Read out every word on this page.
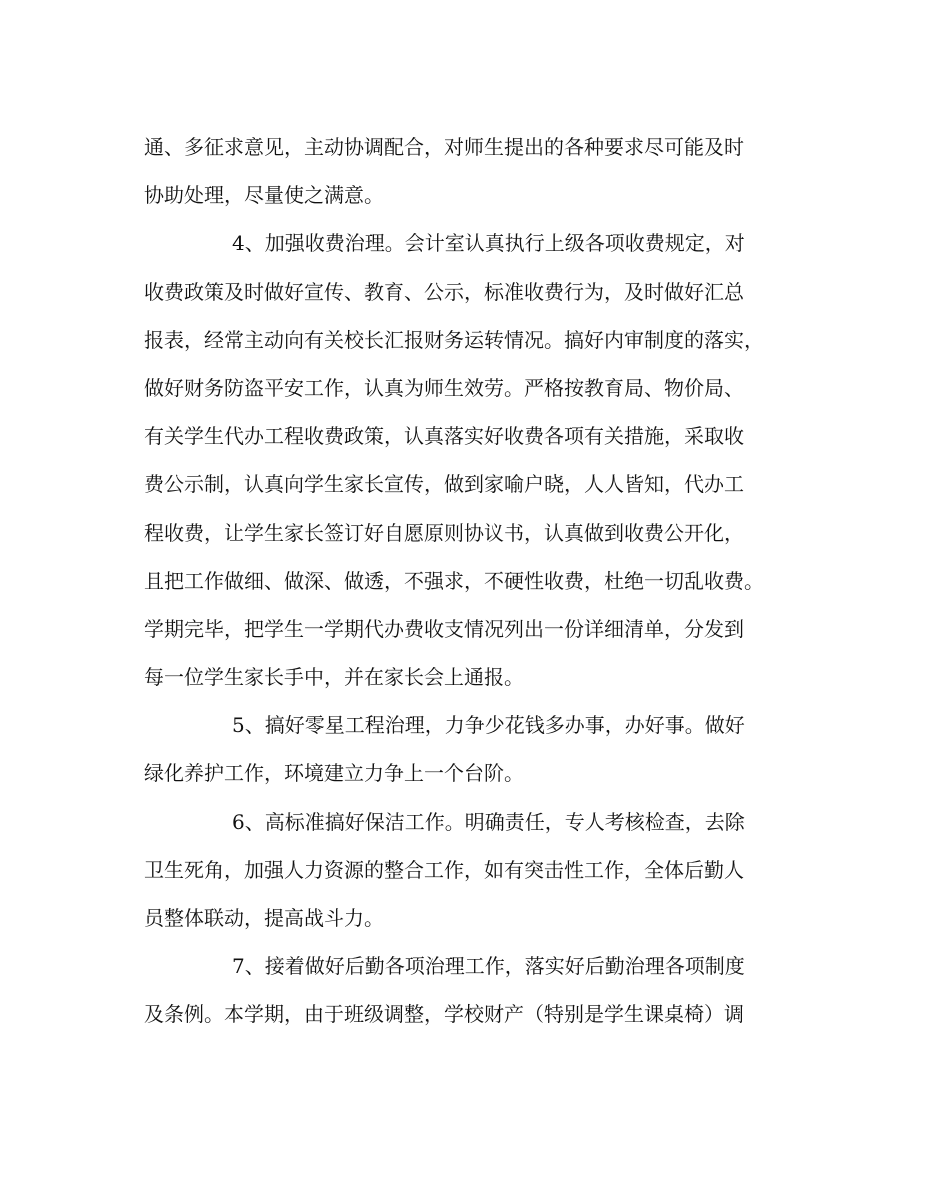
通、多征求意见，主动协调配合，对师生提出的各种要求尽可能及时
协助处理，尽量使之满意。
4、加强收费治理。会计室认真执行上级各项收费规定，对
收费政策及时做好宣传、教育、公示，标准收费行为，及时做好汇总
报表，经常主动向有关校长汇报财务运转情况。搞好内审制度的落实，
做好财务防盗平安工作，认真为师生效劳。严格按教育局、物价局、
有关学生代办工程收费政策，认真落实好收费各项有关措施，采取收
费公示制，认真向学生家长宣传，做到家喻户晓，人人皆知，代办工
程收费，让学生家长签订好自愿原则协议书，认真做到收费公开化，
且把工作做细、做深、做透，不强求，不硬性收费，杜绝一切乱收费。
学期完毕，把学生一学期代办费收支情况列出一份详细清单，分发到
每一位学生家长手中，并在家长会上通报。
5、搞好零星工程治理，力争少花钱多办事，办好事。做好
绿化养护工作，环境建立力争上一个台阶。
6、高标准搞好保洁工作。明确责任，专人考核检查，去除
卫生死角，加强人力资源的整合工作，如有突击性工作，全体后勤人
员整体联动，提高战斗力。
7、接着做好后勤各项治理工作，落实好后勤治理各项制度
及条例。本学期，由于班级调整，学校财产（特别是学生课桌椅）调
